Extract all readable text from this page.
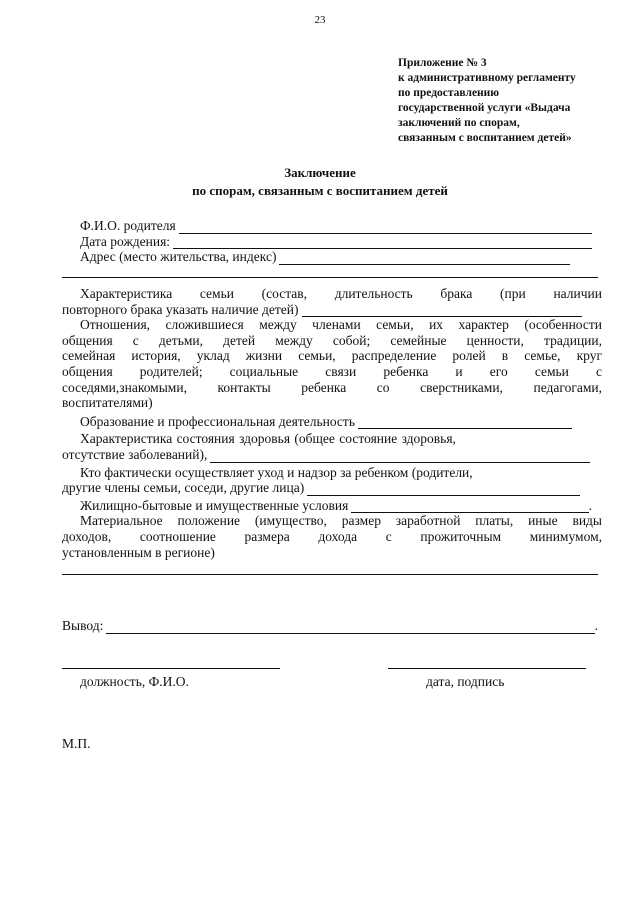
23
Приложение № 3
к административному регламенту
по предоставлению
государственной услуги «Выдача
заключений по спорам,
связанным с воспитанием детей»
Заключение
по спорам, связанным с воспитанием детей
Ф.И.О. родителя
Дата рождения:
Адрес (место жительства, индекс)
Характеристика семьи (состав, длительность брака (при наличии
повторного брака указать наличие детей)
Отношения, сложившиеся между членами семьи, их характер (особенности
общения с детьми, детей между собой; семейные ценности, традиции,
семейная история, уклад жизни семьи, распределение ролей в семье, круг
общения родителей; социальные связи ребенка и его семьи с
соседями,знакомыми, контакты ребенка со сверстниками, педагогами,
воспитателями)
Образование и профессиональная деятельность
Характеристика состояния здоровья (общее состояние здоровья,
отсутствие заболеваний),
Кто фактически осуществляет уход и надзор за ребенком (родители,
другие члены семьи, соседи, другие лица)
Жилищно-бытовые и имущественные условия	.
Материальное положение (имущество, размер заработной платы, иные виды
доходов, соотношение размера дохода с прожиточным минимумом,
установленным в регионе)
Вывод:	.
должность, Ф.И.О.	дата, подпись
М.П.
